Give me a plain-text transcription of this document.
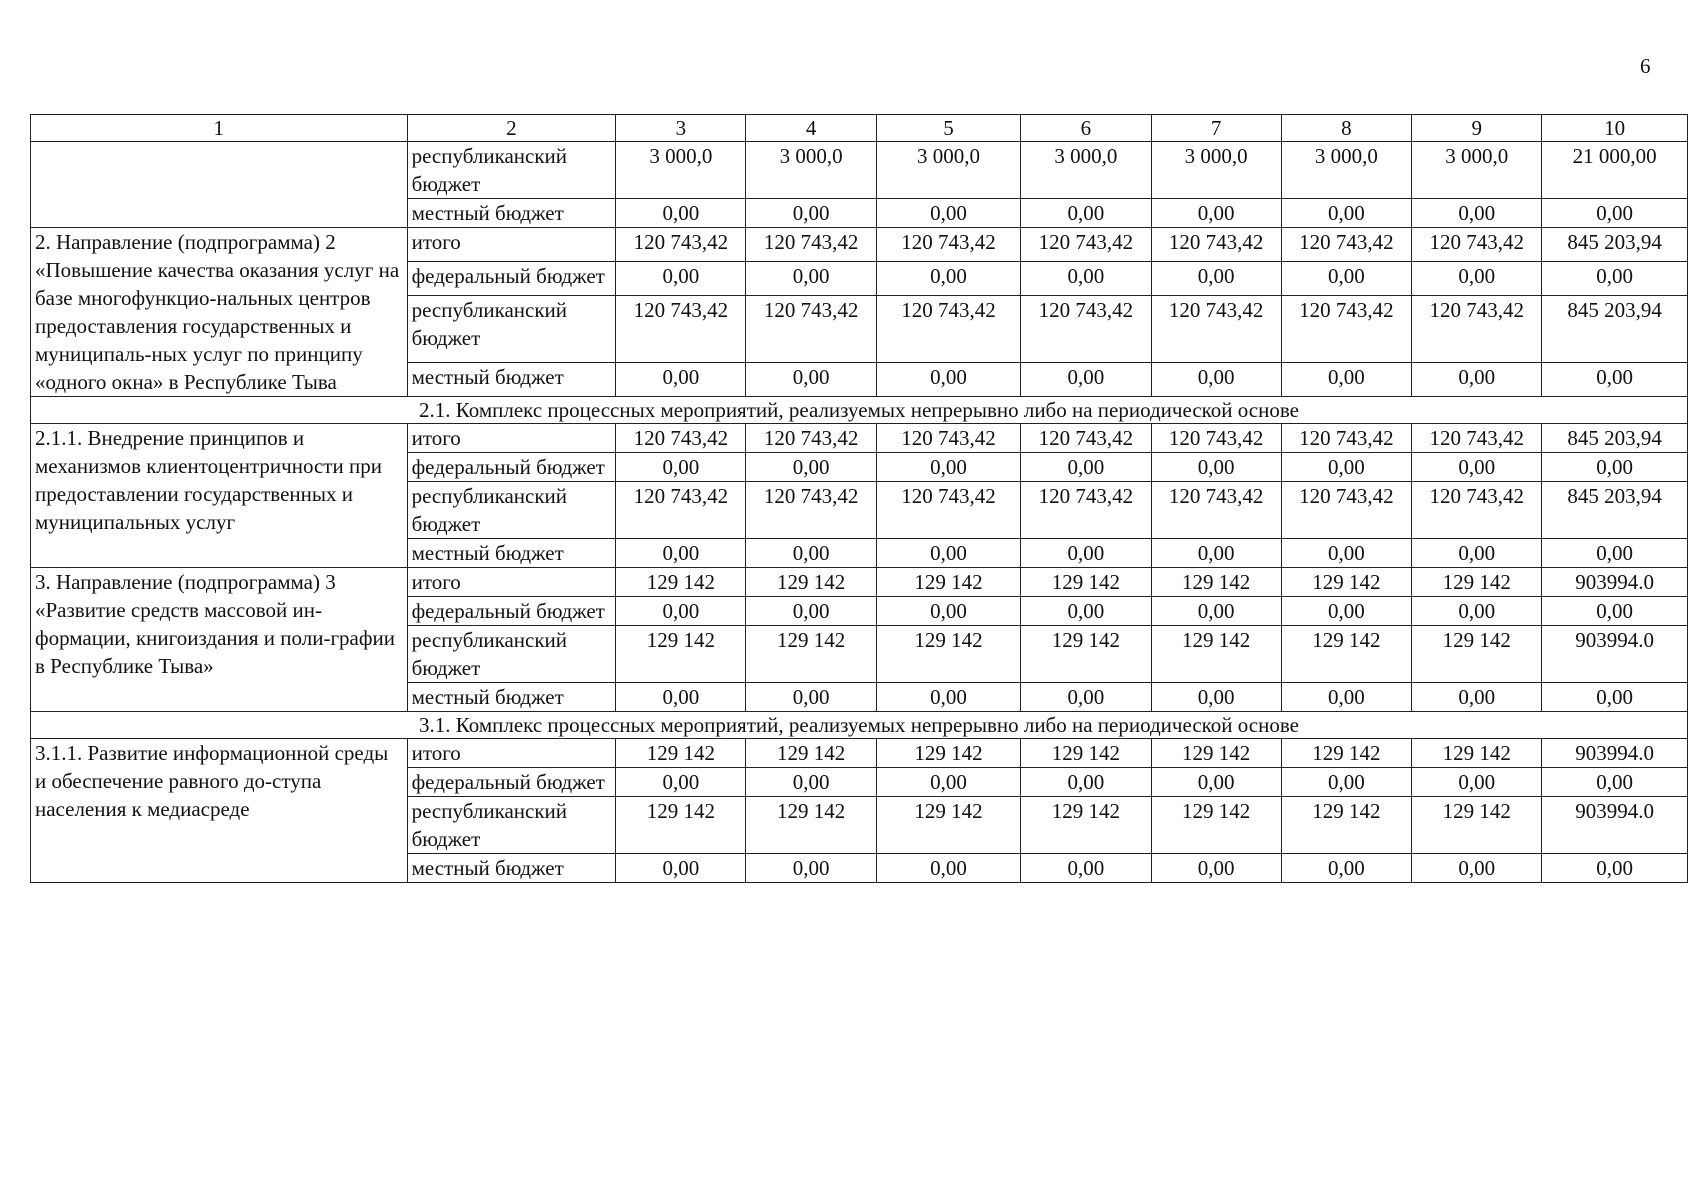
6
1	2	3	4	5	6	7	8	9	10
	республиканский бюджет	3 000,0	3 000,0	3 000,0	3 000,0	3 000,0	3 000,0	3 000,0	21 000,00
	местный бюджет	0,00	0,00	0,00	0,00	0,00	0,00	0,00	0,00
2. Направление (подпрограмма) 2 «Повышение качества оказания услуг на базе многофункцио-нальных центров предоставления государственных и муниципаль-ных услуг по принципу «одного окна» в Республике Тыва	итого	120 743,42	120 743,42	120 743,42	120 743,42	120 743,42	120 743,42	120 743,42	845 203,94
	федеральный бюджет	0,00	0,00	0,00	0,00	0,00	0,00	0,00	0,00
	республиканский бюджет	120 743,42	120 743,42	120 743,42	120 743,42	120 743,42	120 743,42	120 743,42	845 203,94
	местный бюджет	0,00	0,00	0,00	0,00	0,00	0,00	0,00	0,00
2.1. Комплекс процессных мероприятий, реализуемых непрерывно либо на периодической основе									
2.1.1. Внедрение принципов и механизмов клиентоцентричности при предоставлении государственных и муниципальных услуг	итого	120 743,42	120 743,42	120 743,42	120 743,42	120 743,42	120 743,42	120 743,42	845 203,94
	федеральный бюджет	0,00	0,00	0,00	0,00	0,00	0,00	0,00	0,00
	республиканский бюджет	120 743,42	120 743,42	120 743,42	120 743,42	120 743,42	120 743,42	120 743,42	845 203,94
	местный бюджет	0,00	0,00	0,00	0,00	0,00	0,00	0,00	0,00
3. Направление (подпрограмма) 3 «Развитие средств массовой ин-формации, книгоиздания и поли-графии в Республике Тыва»	итого	129 142	129 142	129 142	129 142	129 142	129 142	129 142	903994.0
	федеральный бюджет	0,00	0,00	0,00	0,00	0,00	0,00	0,00	0,00
	республиканский бюджет	129 142	129 142	129 142	129 142	129 142	129 142	129 142	903994.0
	местный бюджет	0,00	0,00	0,00	0,00	0,00	0,00	0,00	0,00
3.1. Комплекс процессных мероприятий, реализуемых непрерывно либо на периодической основе									
3.1.1. Развитие информационной среды и обеспечение равного до-ступа населения к медиасреде	итого	129 142	129 142	129 142	129 142	129 142	129 142	129 142	903994.0
	федеральный бюджет	0,00	0,00	0,00	0,00	0,00	0,00	0,00	0,00
	республиканский бюджет	129 142	129 142	129 142	129 142	129 142	129 142	129 142	903994.0
	местный бюджет	0,00	0,00	0,00	0,00	0,00	0,00	0,00	0,00
